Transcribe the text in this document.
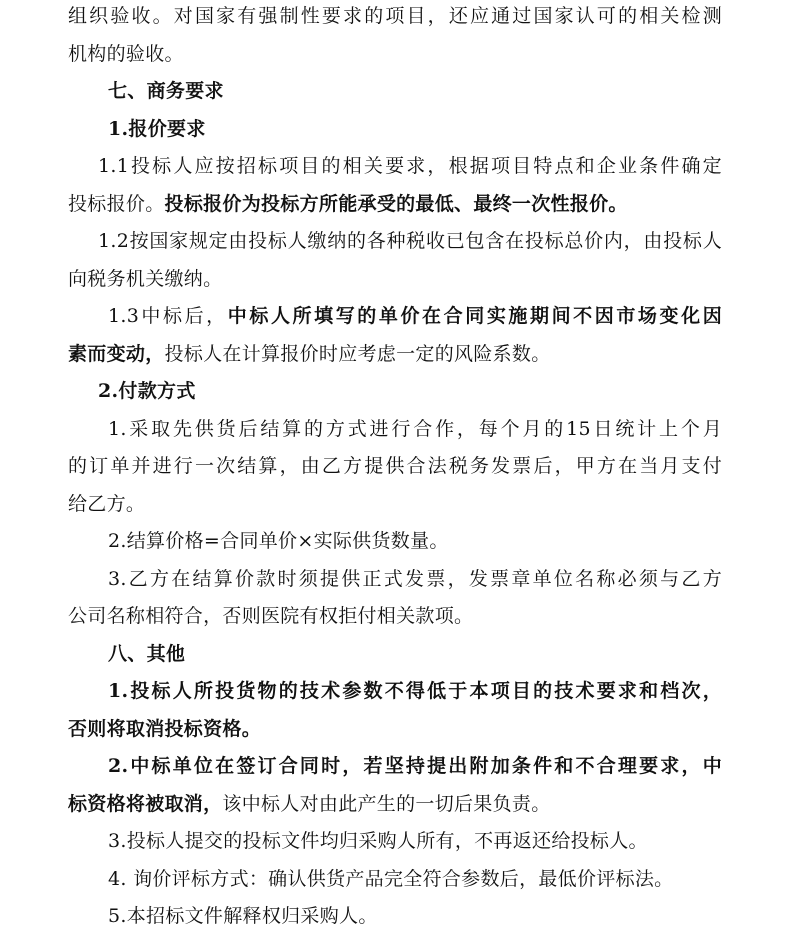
组织验收。对国家有强制性要求的项目，还应通过国家认可的相关检测
机构的验收。
七、商务要求
1.报价要求
1.1投标人应按招标项目的相关要求，根据项目特点和企业条件确定
投标报价。投标报价为投标方所能承受的最低、最终一次性报价。
1.2按国家规定由投标人缴纳的各种税收已包含在投标总价内，由投标人
向税务机关缴纳。
1.3中标后，中标人所填写的单价在合同实施期间不因市场变化因
素而变动，投标人在计算报价时应考虑一定的风险系数。
2.付款方式
1.采取先供货后结算的方式进行合作，每个月的15日统计上个月
的订单并进行一次结算，由乙方提供合法税务发票后，甲方在当月支付
给乙方。
2.结算价格=合同单价×实际供货数量。
3.乙方在结算价款时须提供正式发票，发票章单位名称必须与乙方
公司名称相符合，否则医院有权拒付相关款项。
八、其他
1.投标人所投货物的技术参数不得低于本项目的技术要求和档次，
否则将取消投标资格。
2.中标单位在签订合同时，若坚持提出附加条件和不合理要求，中
标资格将被取消，该中标人对由此产生的一切后果负责。
3.投标人提交的投标文件均归采购人所有，不再返还给投标人。
4. 询价评标方式：确认供货产品完全符合参数后，最低价评标法。
5.本招标文件解释权归采购人。
